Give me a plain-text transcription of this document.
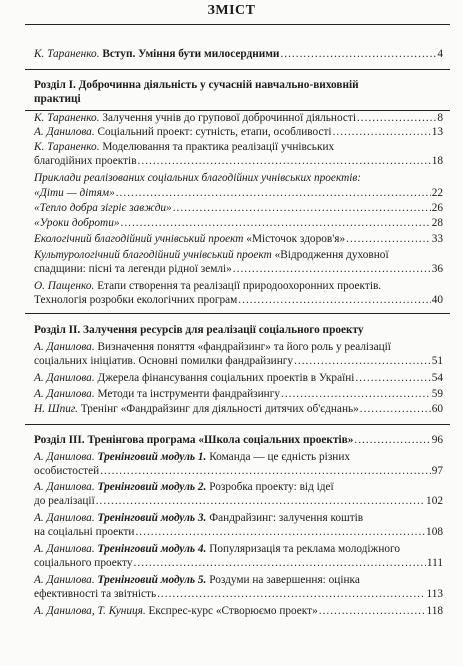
ЗМІСТ
К. Тараненко.
Вступ. Уміння бути милосердними .....	4
Розділ І. Доброчинна діяльність у сучасній навчально-виховній
практиці
К. Тараненко.
Залучення учнів до групової доброчинної діяльності .....	8
А. Данилова.
Соціальний проект: сутність, етапи, особливості .....	13
К. Тараненко.
Моделювання та практика реалізації учнівських
благодійних проектів .....	18
Приклади реалізованих соціальних благодійних учнівських проектів:
«Діти — дітям» .....	22
«Тепло добра зігріє завжди» .....	26
«Уроки доброти» .....	28
Екологічний благодійний учнівський проект
«Місточок здоров'я» .....	33
Культурологічний благодійний учнівський проект
«Відродження духовної
спадщини: пісні та легенди рідної землі» .....	36
О. Пащенко.
Етапи створення та реалізації природоохоронних проектів.
Технологія розробки екологічних програм .....	40
Розділ ІІ. Залучення ресурсів для реалізації соціального проекту
А. Данилова.
Визначення поняття «фандрайзинг» та його роль у реалізації
соціальних ініціатив. Основні помилки фандрайзингу .....	51
А. Данилова.
Джерела фінансування соціальних проектів в Україні .....	54
А. Данилова.
Методи та інструменти фандрайзингу .....	59
Н. Шпиг.
Тренінг «Фандрайзинг для діяльності дитячих об'єднань» .....	60
Розділ ІІІ. Тренінгова програма «Школа соціальних проектів» .....	96
А. Данилова.
Тренінговий модуль 1.
Команда — це єдність різних
особистостей .....	97
А. Данилова.
Тренінговий модуль 2.
Розробка проекту: від ідеї
до реалізації .....	102
А. Данилова.
Тренінговий модуль 3.
Фандрайзинг: залучення коштів
на соціальні проекти .....	108
А. Данилова.
Тренінговий модуль 4.
Популяризація та реклама молодіжного
соціального проекту .....	111
А. Данилова.
Тренінговий модуль 5.
Роздуми на завершення: оцінка
ефективності та звітність .....	113
А. Данилова, Т. Куниця.
Експрес-курс «Створюємо проект» .....	118
